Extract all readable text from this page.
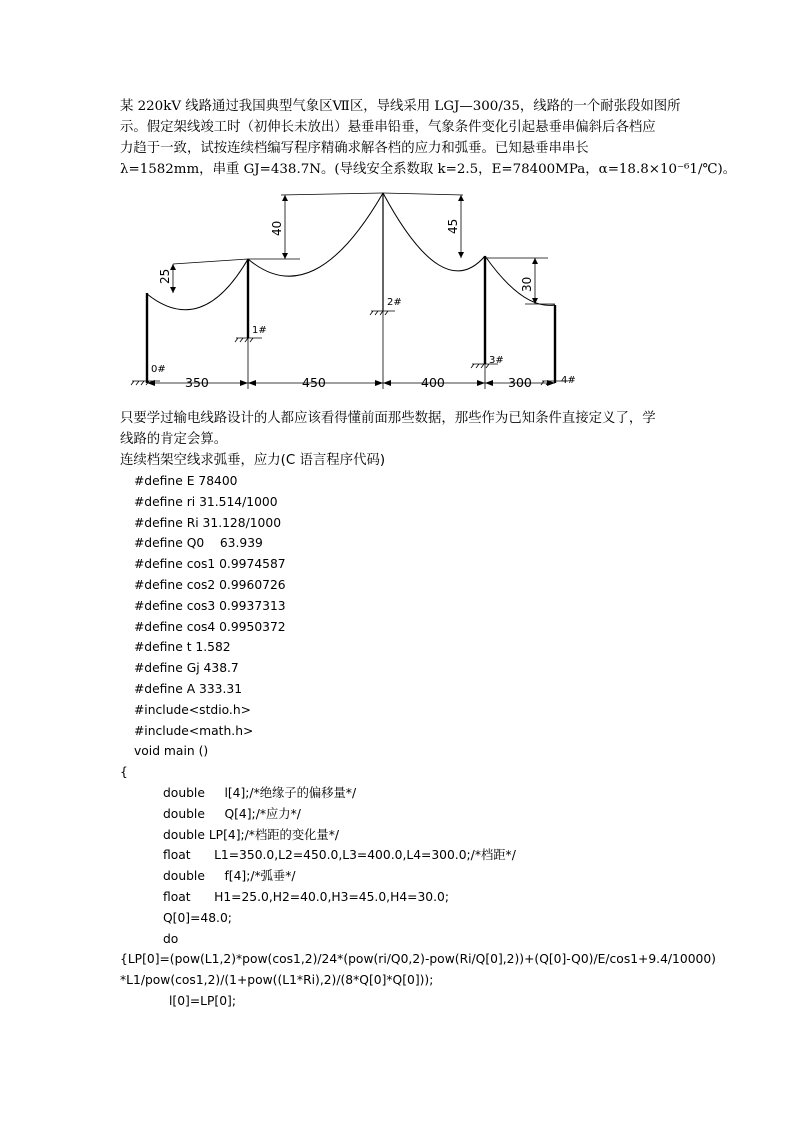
某 220kV 线路通过我国典型气象区Ⅶ区，导线采用 LGJ—300/35，线路的一个耐张段如图所
示。假定架线竣工时（初伸长未放出）悬垂串铅垂，气象条件变化引起悬垂串偏斜后各档应
力趋于一致，试按连续档编写程序精确求解各档的应力和弧垂。已知悬垂串串长
λ=1582mm，串重 GJ=438.7N。(导线安全系数取 k=2.5，E=78400MPa，α=18.8×10⁻⁶1/℃)。
25
40	45
30
350	450	400	300
0#
1#
2#
3#
4#
只要学过输电线路设计的人都应该看得懂前面那些数据，那些作为已知条件直接定义了，学
线路的肯定会算。
连续档架空线求弧垂，应力(C 语言程序代码)
#define E 78400
#define ri 31.514/1000
#define Ri 31.128/1000
#define Q0    63.939
#define cos1 0.9974587
#define cos2 0.9960726
#define cos3 0.9937313
#define cos4 0.9950372
#define t 1.582
#define Gj 438.7
#define A 333.31
#include<stdio.h>
#include<math.h>
void main ()
{
double     l[4];/*绝缘子的偏移量*/
double     Q[4];/*应力*/
double LP[4];/*档距的变化量*/
float      L1=350.0,L2=450.0,L3=400.0,L4=300.0;/*档距*/
double     f[4];/*弧垂*/
float      H1=25.0,H2=40.0,H3=45.0,H4=30.0;
Q[0]=48.0;
do
{LP[0]=(pow(L1,2)*pow(cos1,2)/24*(pow(ri/Q0,2)-pow(Ri/Q[0],2))+(Q[0]-Q0)/E/cos1+9.4/10000)
*L1/pow(cos1,2)/(1+pow((L1*Ri),2)/(8*Q[0]*Q[0]));
l[0]=LP[0];
